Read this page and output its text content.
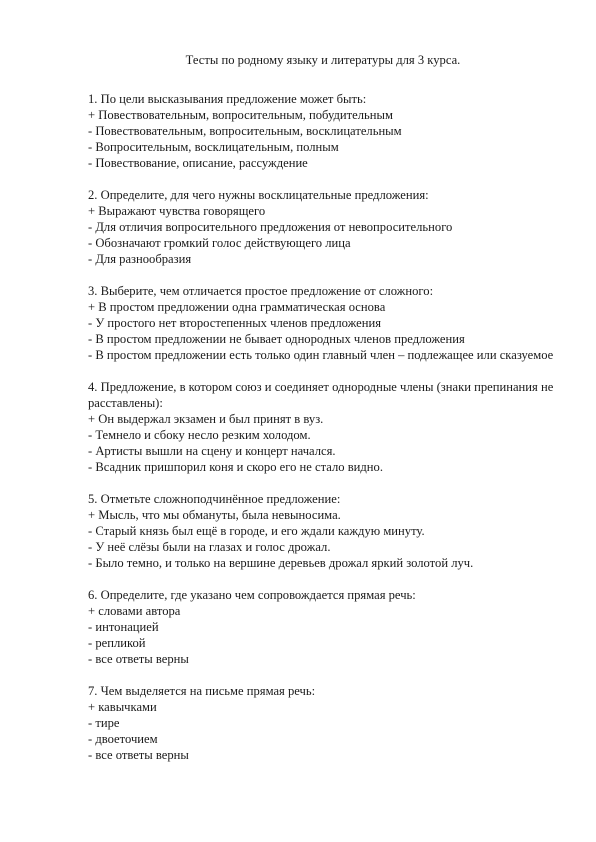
Тесты по родному языку и литературы для 3 курса.

1. По цели высказывания предложение может быть:

+ Повествовательным, вопросительным, побудительным

- Повествовательным, вопросительным, восклицательным

- Вопросительным, восклицательным, полным

- Повествование, описание, рассуждение

2. Определите, для чего нужны восклицательные предложения:

+ Выражают чувства говорящего

- Для отличия вопросительного предложения от невопросительного

- Обозначают громкий голос действующего лица

- Для разнообразия

3. Выберите, чем отличается простое предложение от сложного:

+ В простом предложении одна грамматическая основа

- У простого нет второстепенных членов предложения

- В простом предложении не бывает однородных членов предложения

- В простом предложении есть только один главный член – подлежащее или сказуемое

4. Предложение, в котором союз и соединяет однородные члены (знаки препинания не расставлены):

+ Он выдержал экзамен и был принят в вуз.

- Темнело и сбоку несло резким холодом.

- Артисты вышли на сцену и концерт начался.

- Всадник пришпорил коня и скоро его не стало видно.

5. Отметьте сложноподчинённое предложение:

+ Мысль, что мы обмануты, была невыносима.

- Старый князь был ещё в городе, и его ждали каждую минуту.

- У неё слёзы были на глазах и голос дрожал.

- Было темно, и только на вершине деревьев дрожал яркий золотой луч.

6. Определите, где указано чем сопровождается прямая речь:

+ словами автора

- интонацией

- репликой

- все ответы верны

7. Чем выделяется на письме прямая речь:

+ кавычками

- тире

- двоеточием

- все ответы верны
